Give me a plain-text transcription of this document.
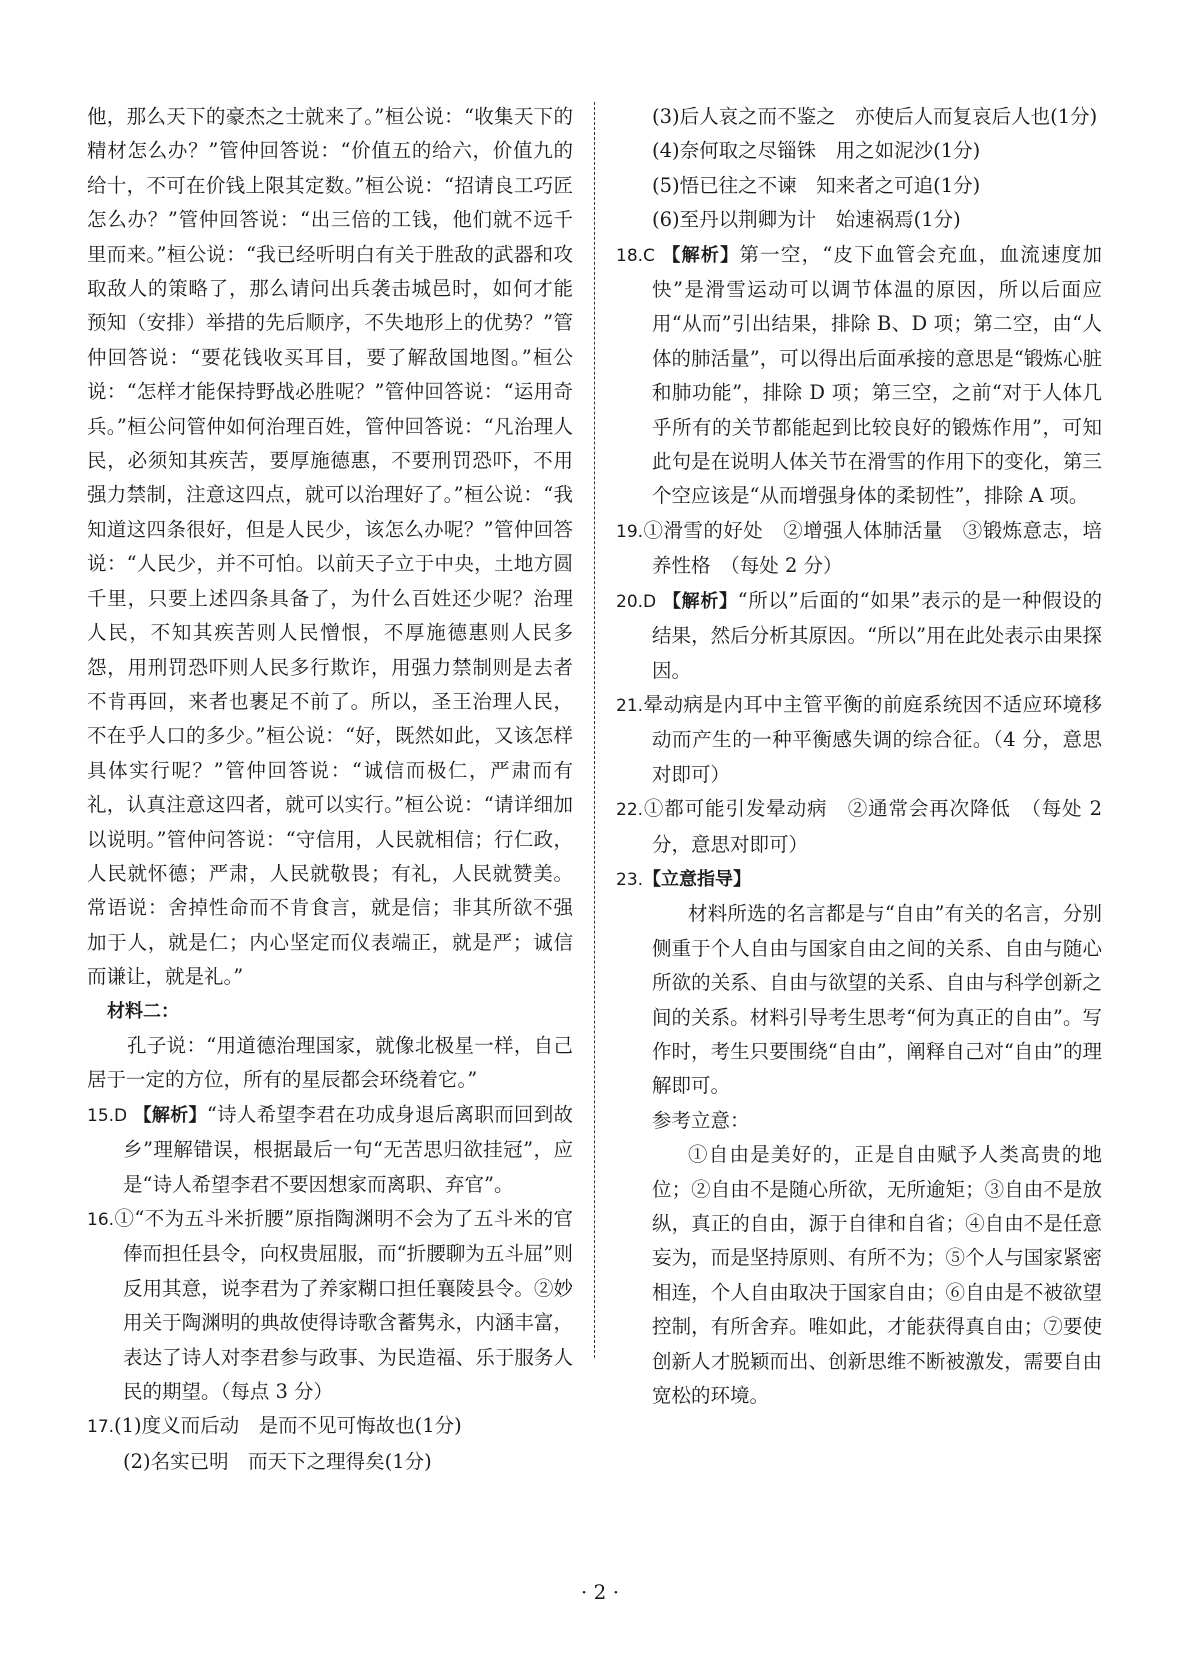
他，那么天下的豪杰之士就来了。”桓公说：“收集天下的精材怎么办？”管仲回答说：“价值五的给六，价值九的给十，不可在价钱上限其定数。”桓公说：“招请良工巧匠怎么办？”管仲回答说：“出三倍的工钱，他们就不远千里而来。”桓公说：“我已经听明白有关于胜敌的武器和攻取敌人的策略了，那么请问出兵袭击城邑时，如何才能预知（安排）举措的先后顺序，不失地形上的优势？”管仲回答说：“要花钱收买耳目，要了解敌国地图。”桓公说：“怎样才能保持野战必胜呢？”管仲回答说：“运用奇兵。”桓公问管仲如何治理百姓，管仲回答说：“凡治理人民，必须知其疾苦，要厚施德惠，不要刑罚恐吓，不用强力禁制，注意这四点，就可以治理好了。”桓公说：“我知道这四条很好，但是人民少，该怎么办呢？”管仲回答说：“人民少，并不可怕。以前天子立于中央，土地方圆千里，只要上述四条具备了，为什么百姓还少呢？治理人民，不知其疾苦则人民憎恨，不厚施德惠则人民多怨，用刑罚恐吓则人民多行欺诈，用强力禁制则是去者不肯再回，来者也裹足不前了。所以，圣王治理人民，不在乎人口的多少。”桓公说：“好，既然如此，又该怎样具体实行呢？”管仲回答说：“诚信而极仁，严肃而有礼，认真注意这四者，就可以实行。”桓公说：“请详细加以说明。”管仲问答说：“守信用，人民就相信；行仁政，人民就怀德；严肃，人民就敬畏；有礼，人民就赞美。常语说：舍掉性命而不肯食言，就是信；非其所欲不强加于人，就是仁；内心坚定而仪表端正，就是严；诚信而谦让，就是礼。”

材料二：

孔子说：“用道德治理国家，就像北极星一样，自己居于一定的方位，所有的星辰都会环绕着它。”

15.D 【解析】“诗人希望李君在功成身退后离职而回到故乡”理解错误，根据最后一句“无苦思归欲挂冠”，应是“诗人希望李君不要因想家而离职、弃官”。

16.①“不为五斗米折腰”原指陶渊明不会为了五斗米的官俸而担任县令，向权贵屈服，而“折腰聊为五斗屈”则反用其意，说李君为了养家糊口担任襄陵县令。②妙用关于陶渊明的典故使得诗歌含蓄隽永，内涵丰富，表达了诗人对李君参与政事、为民造福、乐于服务人民的期望。（每点 3 分）

17.(1)度义而后动　是而不见可悔故也(1分)

(2)名实已明　而天下之理得矣(1分)

(3)后人哀之而不鉴之　亦使后人而复哀后人也(1分)

(4)奈何取之尽锱铢　用之如泥沙(1分)

(5)悟已往之不谏　知来者之可追(1分)

(6)至丹以荆卿为计　始速祸焉(1分)

18.C 【解析】第一空，“皮下血管会充血，血流速度加快”是滑雪运动可以调节体温的原因，所以后面应用“从而”引出结果，排除 B、D 项；第二空，由“人体的肺活量”，可以得出后面承接的意思是“锻炼心脏和肺功能”，排除 D 项；第三空，之前“对于人体几乎所有的关节都能起到比较良好的锻炼作用”，可知此句是在说明人体关节在滑雪的作用下的变化，第三个空应该是“从而增强身体的柔韧性”，排除 A 项。

19.①滑雪的好处　②增强人体肺活量　③锻炼意志，培养性格　（每处 2 分）

20.D 【解析】“所以”后面的“如果”表示的是一种假设的结果，然后分析其原因。“所以”用在此处表示由果探因。

21.晕动病是内耳中主管平衡的前庭系统因不适应环境移动而产生的一种平衡感失调的综合征。（4 分，意思对即可）

22.①都可能引发晕动病　②通常会再次降低　（每处 2 分，意思对即可）

23.【立意指导】

材料所选的名言都是与“自由”有关的名言，分别侧重于个人自由与国家自由之间的关系、自由与随心所欲的关系、自由与欲望的关系、自由与科学创新之间的关系。材料引导考生思考“何为真正的自由”。写作时，考生只要围绕“自由”，阐释自己对“自由”的理解即可。

参考立意：

①自由是美好的，正是自由赋予人类高贵的地位；②自由不是随心所欲，无所逾矩；③自由不是放纵，真正的自由，源于自律和自省；④自由不是任意妄为，而是坚持原则、有所不为；⑤个人与国家紧密相连，个人自由取决于国家自由；⑥自由是不被欲望控制，有所舍弃。唯如此，才能获得真自由；⑦要使创新人才脱颖而出、创新思维不断被激发，需要自由宽松的环境。

· 2 ·
